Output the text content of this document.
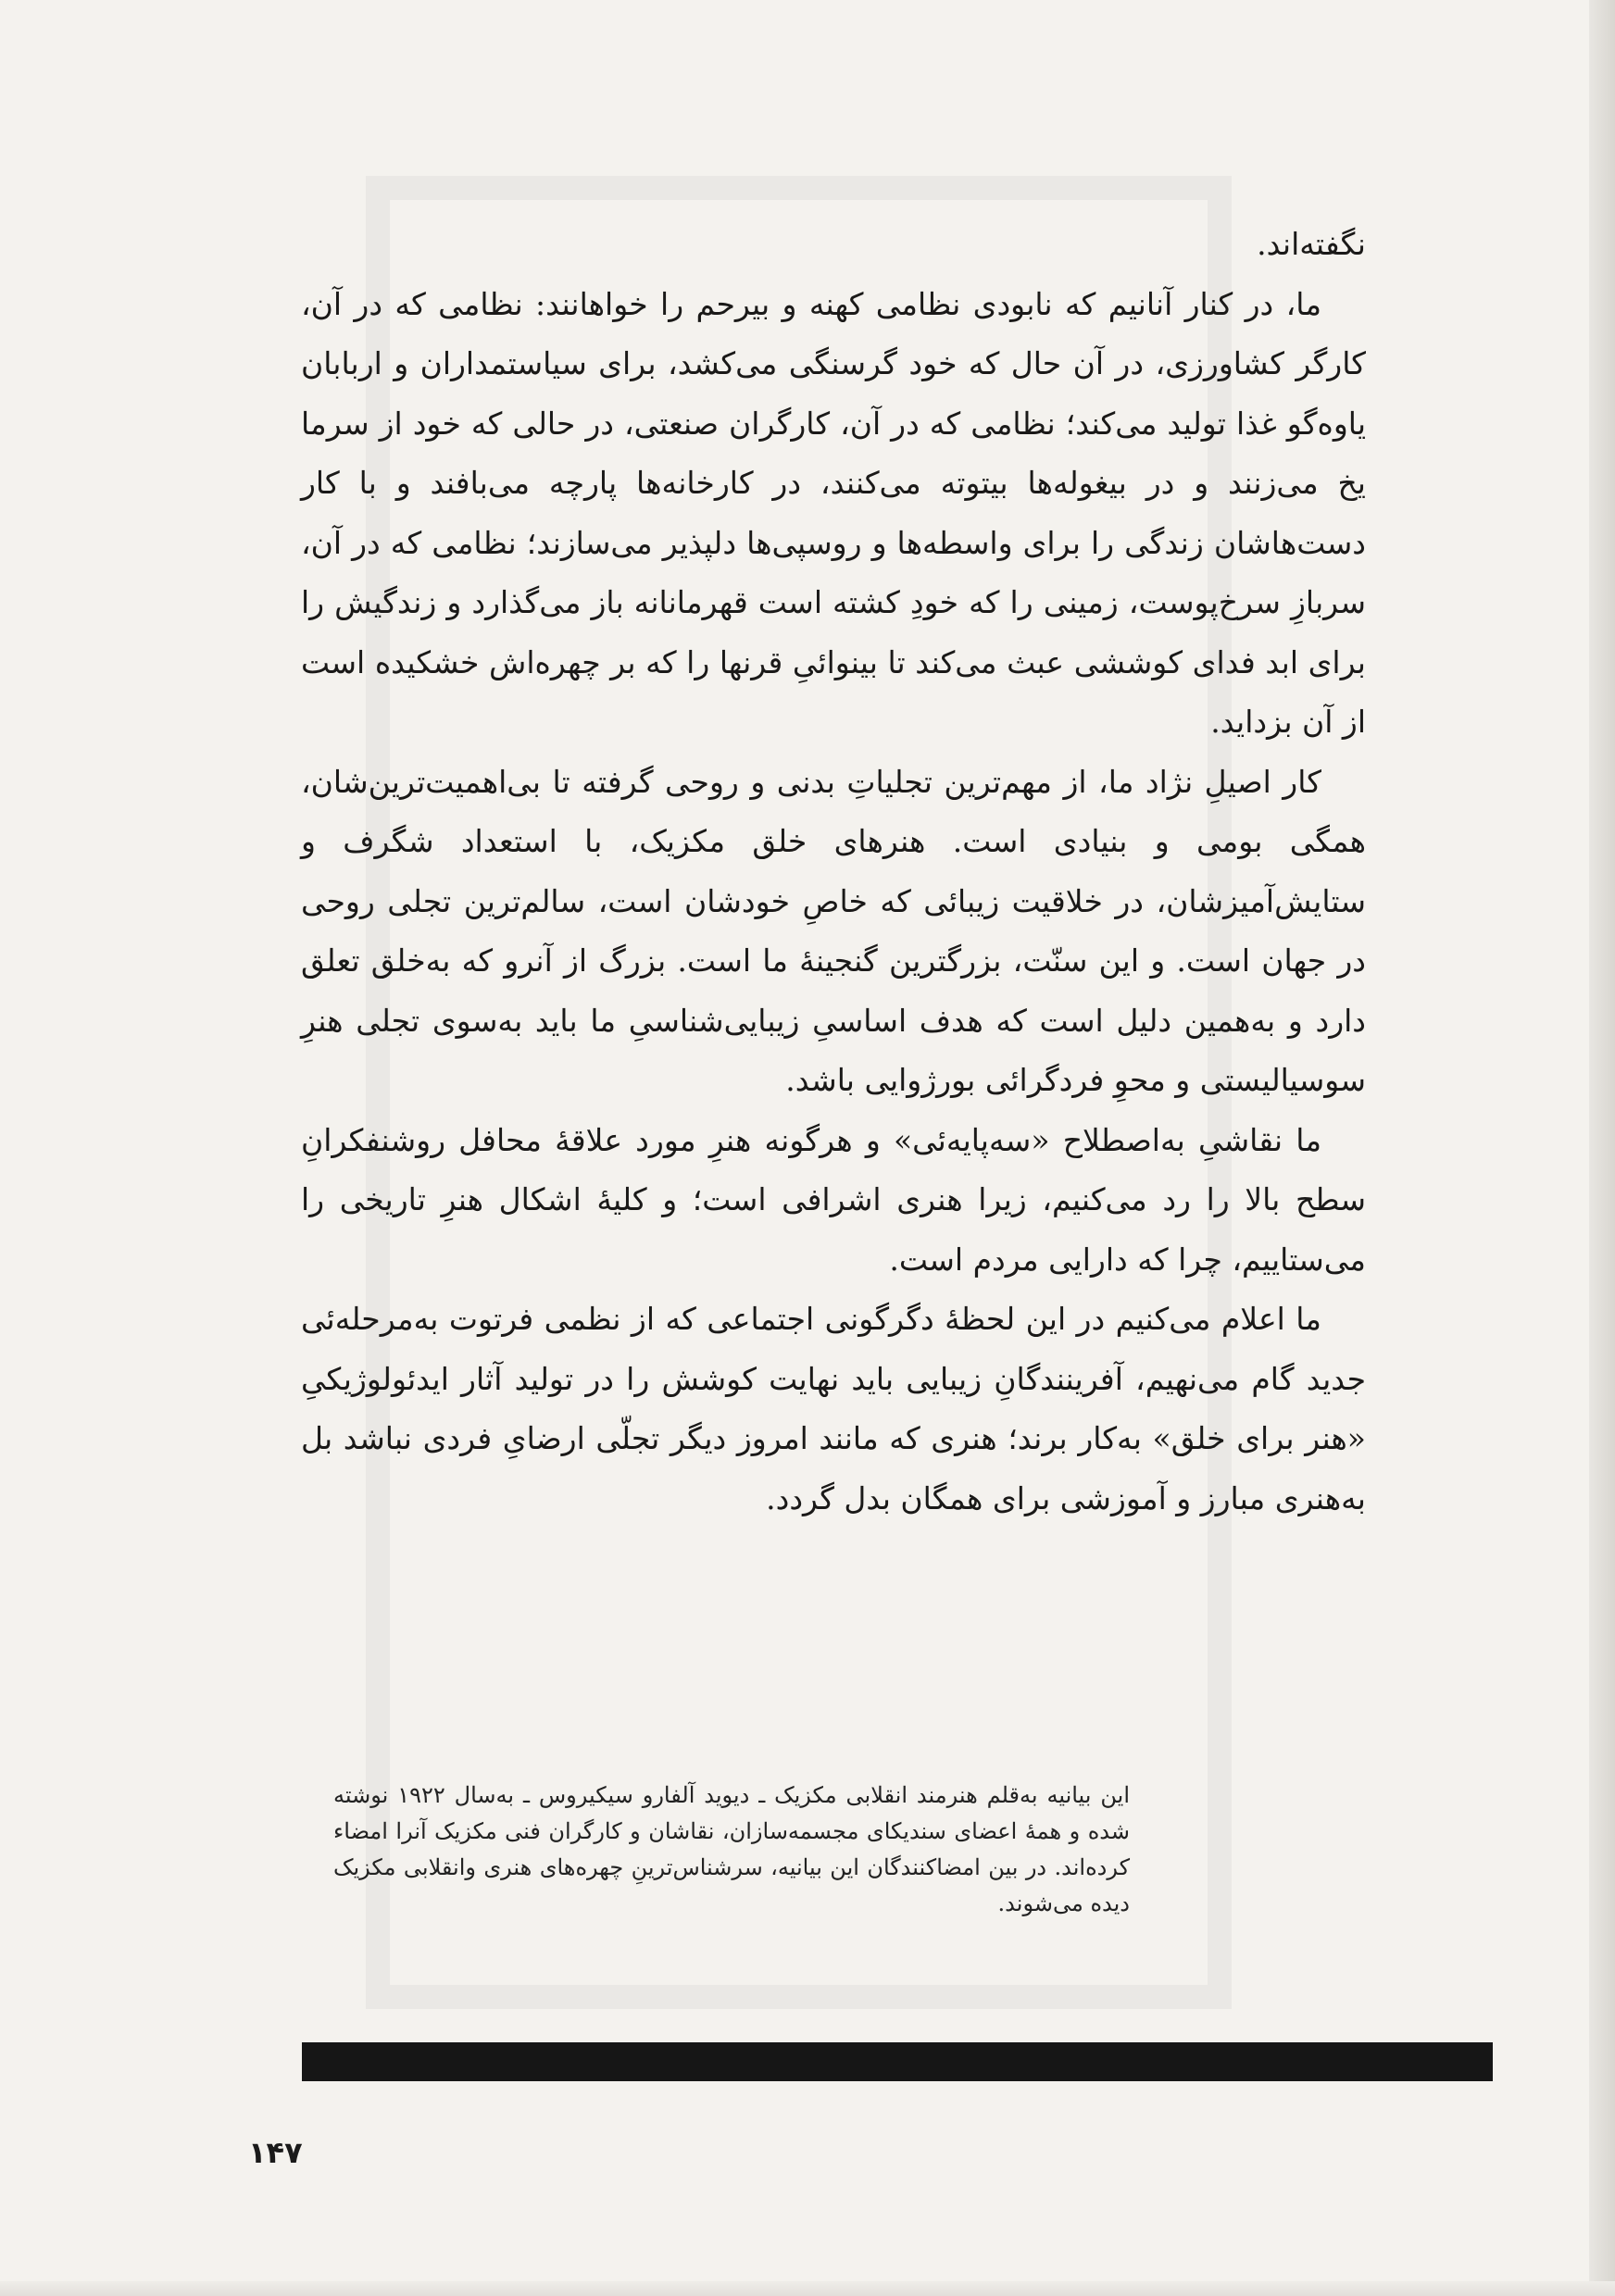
نگفته‌اند.

ما، در کنار آنانیم که نابودی نظامی کهنه و بیرحم را خواهانند: نظامی که در آن، کارگر کشاورزی، در آن حال که خود گرسنگی می‌کشد، برای سیاستمداران و اربابان یاوه‌گو غذا تولید می‌کند؛ نظامی که در آن، کارگران صنعتی، در حالی که خود از سرما یخ می‌زنند و در بیغوله‌ها بیتوته می‌کنند، در کارخانه‌ها پارچه می‌بافند و با کار دست‌هاشان زندگی را برای واسطه‌ها و روسپی‌ها دلپذیر می‌سازند؛ نظامی که در آن، سربازِ سرخ‌پوست، زمینی را که خودِ کشته است قهرمانانه باز می‌گذارد و زندگیش را برای ابد فدای کوششی عبث می‌کند تا بینوائیِ قرنها را که بر چهره‌اش خشکیده است از آن بزداید.

کار اصیلِ نژاد ما، از مهم‌ترین تجلیاتِ بدنی و روحی گرفته تا بی‌اهمیت‌ترین‌شان، همگی بومی و بنیادی است. هنرهای خلق مکزیک، با استعداد شگرف و ستایش‌آمیزشان، در خلاقیت زیبائی که خاصِ خودشان است، سالم‌ترین تجلی روحی در جهان است. و این سنّت، بزرگترین گنجینهٔ ما است. بزرگ از آنرو که به‌خلق تعلق دارد و به‌همین دلیل است که هدف اساسیِ زیبایی‌شناسیِ ما باید به‌سوی تجلی هنرِ سوسیالیستی و محوِ فردگرائی بورژوایی باشد.

ما نقاشیِ به‌اصطلاح «سه‌پایه‌ئی» و هرگونه هنرِ مورد علاقهٔ محافل روشنفکرانِ سطح بالا را رد می‌کنیم، زیرا هنری اشرافی است؛ و کلیهٔ اشکال هنرِ تاریخی را می‌ستاییم، چرا که دارایی مردم است.

ما اعلام می‌کنیم در این لحظهٔ دگرگونی اجتماعی که از نظمی فرتوت به‌مرحله‌ئی جدید گام می‌نهیم، آفرینندگانِ زیبایی باید نهایت کوشش را در تولید آثار ایدئولوژیکیِ «هنر برای خلق» به‌کار برند؛ هنری که مانند امروز دیگر تجلّی ارضایِ فردی نباشد بل به‌هنری مبارز و آموزشی برای همگان بدل گردد.

این بیانیه به‌قلم هنرمند انقلابی مکزیک ـ دیوید آلفارو سیکیروس ـ به‌سال ۱۹۲۲ نوشته شده و همهٔ اعضای سندیکای مجسمه‌سازان، نقاشان و کارگران فنی مکزیک آنرا امضاء کرده‌اند. در بین امضاکنندگان این بیانیه، سرشناس‌ترینِ چهره‌های هنری وانقلابی مکزیک دیده می‌شوند.

۱۴۷
